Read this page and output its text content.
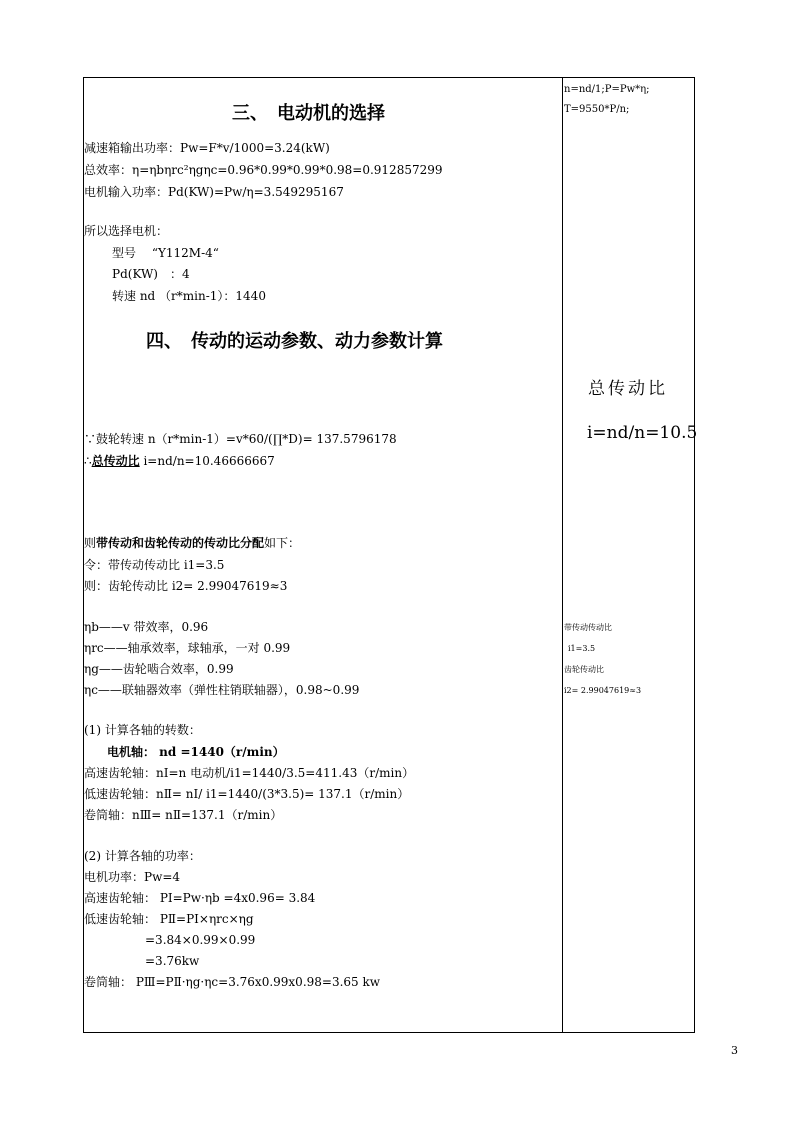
三、　电动机的选择
减速箱输出功率：Pw=F*v/1000=3.24(kW)
总效率：η=ηbηrc²ηgηc=0.96*0.99*0.99*0.98=0.912857299
电机输入功率：Pd(KW)=Pw/η=3.549295167
所以选择电机：
型号　 “Y112M-4“
Pd(KW)　：4
转速 nd （r*min-1）：1440
四、　传动的运动参数、动力参数计算
∵鼓轮转速 n（r*min-1）=v*60/(∏*D)= 137.5796178
∴总传动比 i=nd/n=10.46666667
则带传动和齿轮传动的传动比分配如下：
令：带传动传动比 i1=3.5
则：齿轮传动比 i2= 2.99047619≈3
ηb——v 带效率，0.96
ηrc——轴承效率，球轴承，一对 0.99
ηg——齿轮啮合效率，0.99
ηc——联轴器效率（弹性柱销联轴器），0.98~0.99
(1) 计算各轴的转数：
电机轴： nd =1440（r/min）
高速齿轮轴：nⅠ=n 电动机/i1=1440/3.5=411.43（r/min）
低速齿轮轴：nⅡ= nⅠ/ i1=1440/(3*3.5)= 137.1（r/min）
卷筒轴：nⅢ= nⅡ=137.1（r/min）
(2) 计算各轴的功率：
电机功率：Pw=4
高速齿轮轴： PⅠ=Pw·ηb =4x0.96= 3.84
低速齿轮轴： PⅡ=PⅠ×ηrc×ηg
=3.84×0.99×0.99
=3.76kw
卷筒轴： PⅢ=PⅡ·ηg·ηc=3.76x0.99x0.98=3.65 kw
n=nd/1;P=Pw*η;
T=9550*P/n;
总传动比
i=nd/n=10.5
带传动传动比
i1=3.5
齿轮传动比
i2= 2.99047619≈3
3
